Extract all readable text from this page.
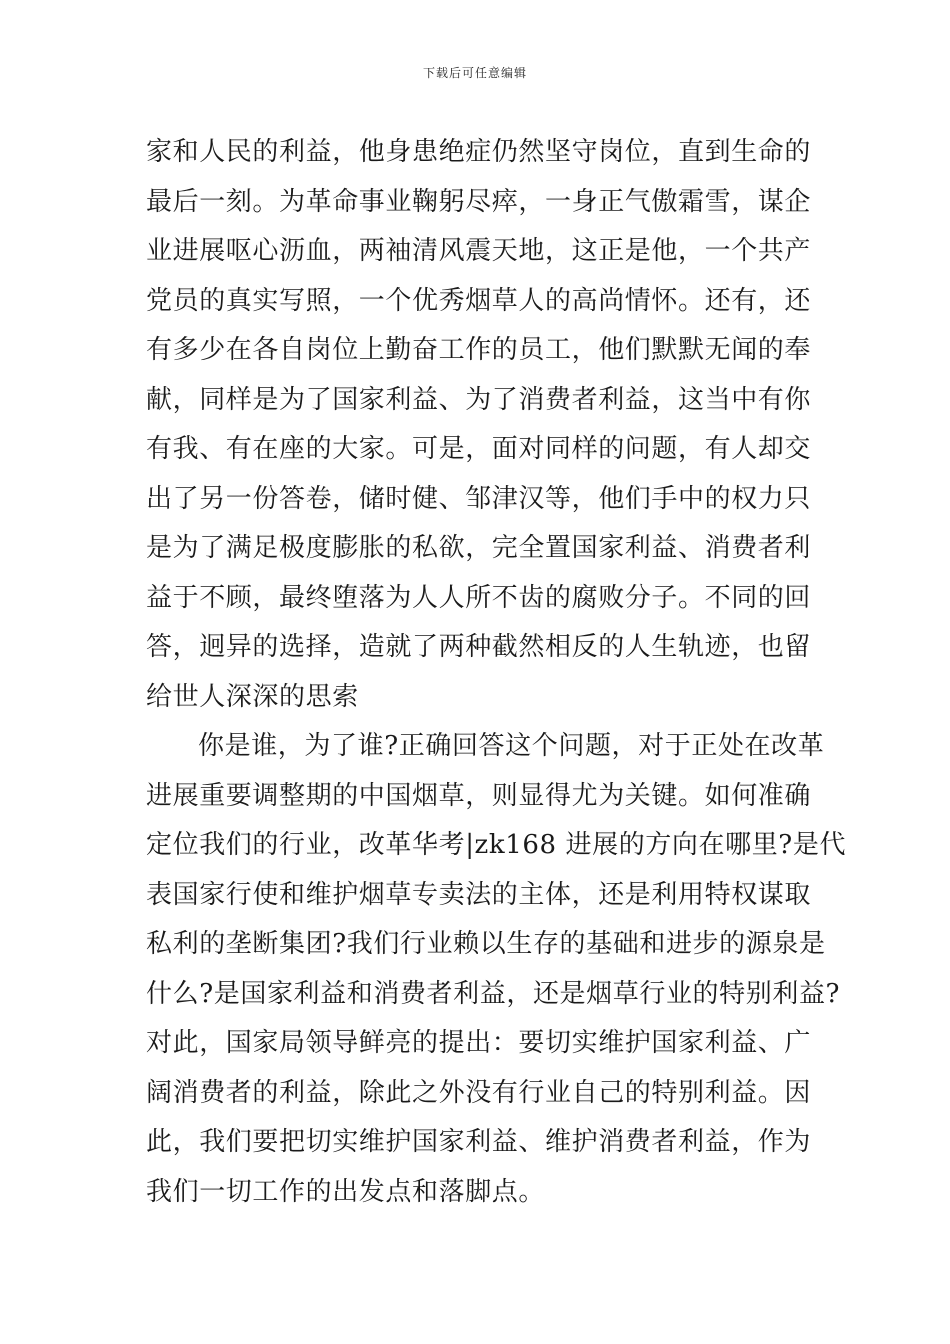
下载后可任意编辑
家和人民的利益，他身患绝症仍然坚守岗位，直到生命的
最后一刻。为革命事业鞠躬尽瘁，一身正气傲霜雪，谋企
业进展呕心沥血，两袖清风震天地，这正是他，一个共产
党员的真实写照，一个优秀烟草人的高尚情怀。还有，还
有多少在各自岗位上勤奋工作的员工，他们默默无闻的奉
献，同样是为了国家利益、为了消费者利益，这当中有你
有我、有在座的大家。可是，面对同样的问题，有人却交
出了另一份答卷，储时健、邹津汉等，他们手中的权力只
是为了满足极度膨胀的私欲，完全置国家利益、消费者利
益于不顾，最终堕落为人人所不齿的腐败分子。不同的回
答，迥异的选择，造就了两种截然相反的人生轨迹，也留
给世人深深的思索
你是谁，为了谁?正确回答这个问题，对于正处在改革
进展重要调整期的中国烟草，则显得尤为关键。如何准确
定位我们的行业，改革华考|zk168 进展的方向在哪里?是代
表国家行使和维护烟草专卖法的主体，还是利用特权谋取
私利的垄断集团?我们行业赖以生存的基础和进步的源泉是
什么?是国家利益和消费者利益，还是烟草行业的特别利益?
对此，国家局领导鲜亮的提出：要切实维护国家利益、广
阔消费者的利益，除此之外没有行业自己的特别利益。因
此，我们要把切实维护国家利益、维护消费者利益，作为
我们一切工作的出发点和落脚点。
